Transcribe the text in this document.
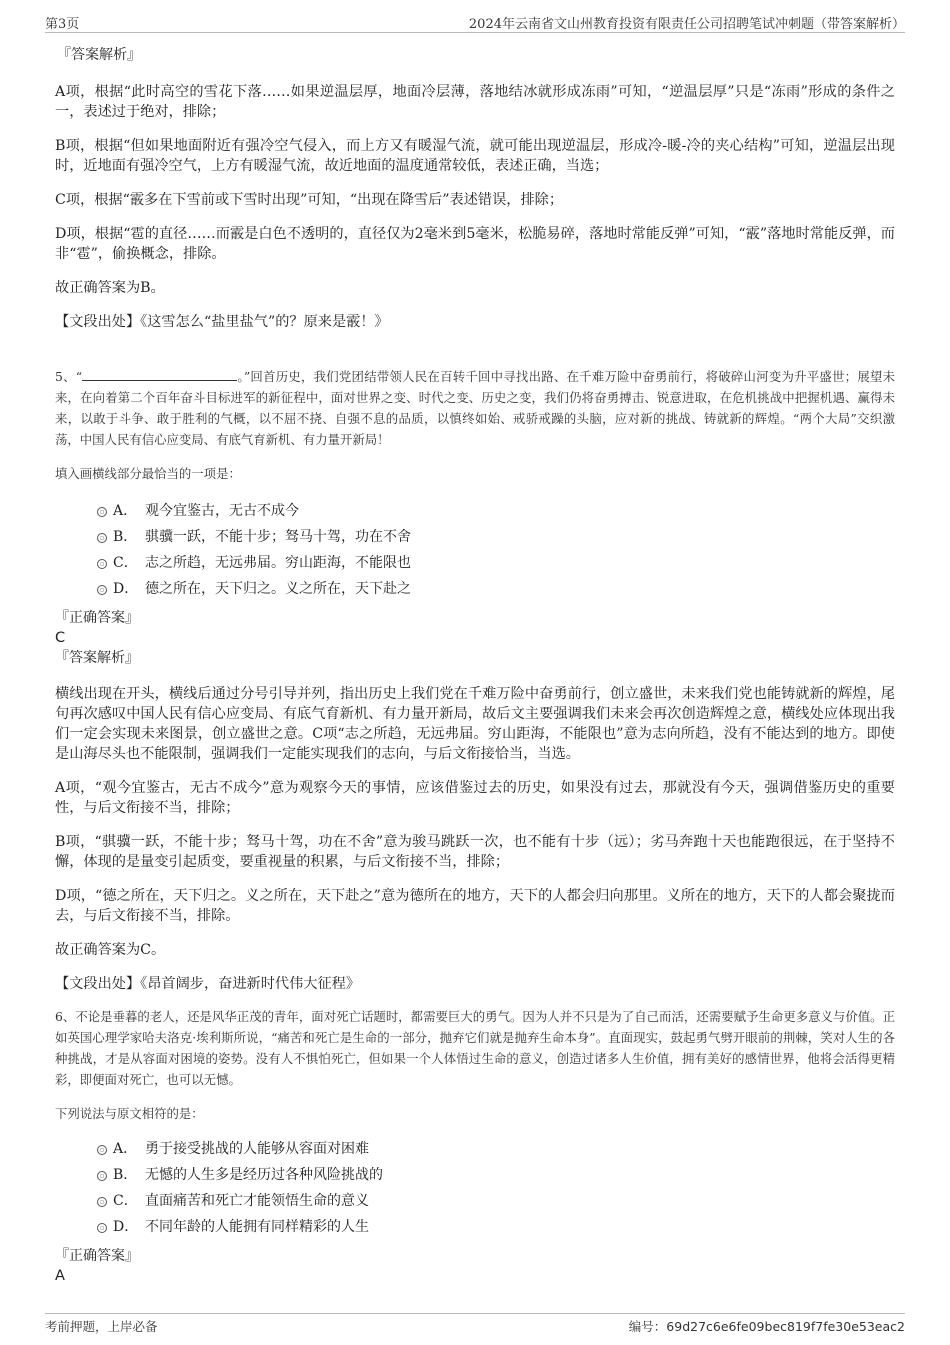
第3页	2024年云南省文山州教育投资有限责任公司招聘笔试冲刺题（带答案解析）
『答案解析』

A项，根据“此时高空的雪花下落……如果逆温层厚，地面冷层薄，落地结冰就形成冻雨”可知，“逆温层厚”只是“冻雨”形成的条件之一，表述过于绝对，排除；

B项，根据“但如果地面附近有强冷空气侵入，而上方又有暖湿气流，就可能出现逆温层，形成冷-暖-冷的夹心结构”可知，逆温层出现时，近地面有强冷空气，上方有暖湿气流，故近地面的温度通常较低，表述正确，当选；

C项，根据“霰多在下雪前或下雪时出现”可知，“出现在降雪后”表述错误，排除；

D项，根据“雹的直径……而霰是白色不透明的，直径仅为2毫米到5毫米，松脆易碎，落地时常能反弹”可知，“霰”落地时常能反弹，而非“雹”，偷换概念，排除。

故正确答案为B。

【文段出处】《这雪怎么“盐里盐气”的？原来是霰！》

5、“	。”回首历史，我们党团结带领人民在百转千回中寻找出路、在千难万险中奋勇前行，将破碎山河变为升平盛世；展望未来，在向着第二个百年奋斗目标进军的新征程中，面对世界之变、时代之变、历史之变，我们仍将奋勇搏击、锐意进取，在危机挑战中把握机遇、赢得未来，以敢于斗争、敢于胜利的气概，以不屈不挠、自强不息的品质，以慎终如始、戒骄戒躁的头脑，应对新的挑战、铸就新的辉煌。“两个大局”交织激荡，中国人民有信心应变局、有底气育新机、有力量开新局！

填入画横线部分最恰当的一项是：

A． 观今宜鉴古，无古不成今
B． 骐骥一跃，不能十步；驽马十驾，功在不舍
C． 志之所趋，无远弗届。穷山距海，不能限也
D． 德之所在，天下归之。义之所在，天下赴之

『正确答案』

C

『答案解析』

横线出现在开头，横线后通过分号引导并列，指出历史上我们党在千难万险中奋勇前行，创立盛世，未来我们党也能铸就新的辉煌，尾句再次感叹中国人民有信心应变局、有底气育新机、有力量开新局，故后文主要强调我们未来会再次创造辉煌之意，横线处应体现出我们一定会实现未来图景，创立盛世之意。C项“志之所趋，无远弗届。穷山距海，不能限也”意为志向所趋，没有不能达到的地方。即使是山海尽头也不能限制，强调我们一定能实现我们的志向，与后文衔接恰当，当选。

A项，“观今宜鉴古，无古不成今”意为观察今天的事情，应该借鉴过去的历史，如果没有过去，那就没有今天，强调借鉴历史的重要性，与后文衔接不当，排除；

B项，“骐骥一跃，不能十步；驽马十驾，功在不舍”意为骏马跳跃一次，也不能有十步（远）；劣马奔跑十天也能跑很远，在于坚持不懈，体现的是量变引起质变，要重视量的积累，与后文衔接不当，排除；

D项，“德之所在，天下归之。义之所在，天下赴之”意为德所在的地方，天下的人都会归向那里。义所在的地方，天下的人都会聚拢而去，与后文衔接不当，排除。

故正确答案为C。

【文段出处】《昂首阔步，奋进新时代伟大征程》

6、不论是垂暮的老人，还是风华正茂的青年，面对死亡话题时，都需要巨大的勇气。因为人并不只是为了自己而活，还需要赋予生命更多意义与价值。正如英国心理学家哈夫洛克·埃利斯所说，“痛苦和死亡是生命的一部分，抛弃它们就是抛弃生命本身”。直面现实，鼓起勇气劈开眼前的荆棘，笑对人生的各种挑战，才是从容面对困境的姿势。没有人不惧怕死亡，但如果一个人体悟过生命的意义，创造过诸多人生价值，拥有美好的感情世界，他将会活得更精彩，即便面对死亡，也可以无憾。

下列说法与原文相符的是：

A． 勇于接受挑战的人能够从容面对困难
B． 无憾的人生多是经历过各种风险挑战的
C． 直面痛苦和死亡才能领悟生命的意义
D． 不同年龄的人能拥有同样精彩的人生

『正确答案』

A

考前押题，上岸必备	编号：69d27c6e6fe09bec819f7fe30e53eac2
